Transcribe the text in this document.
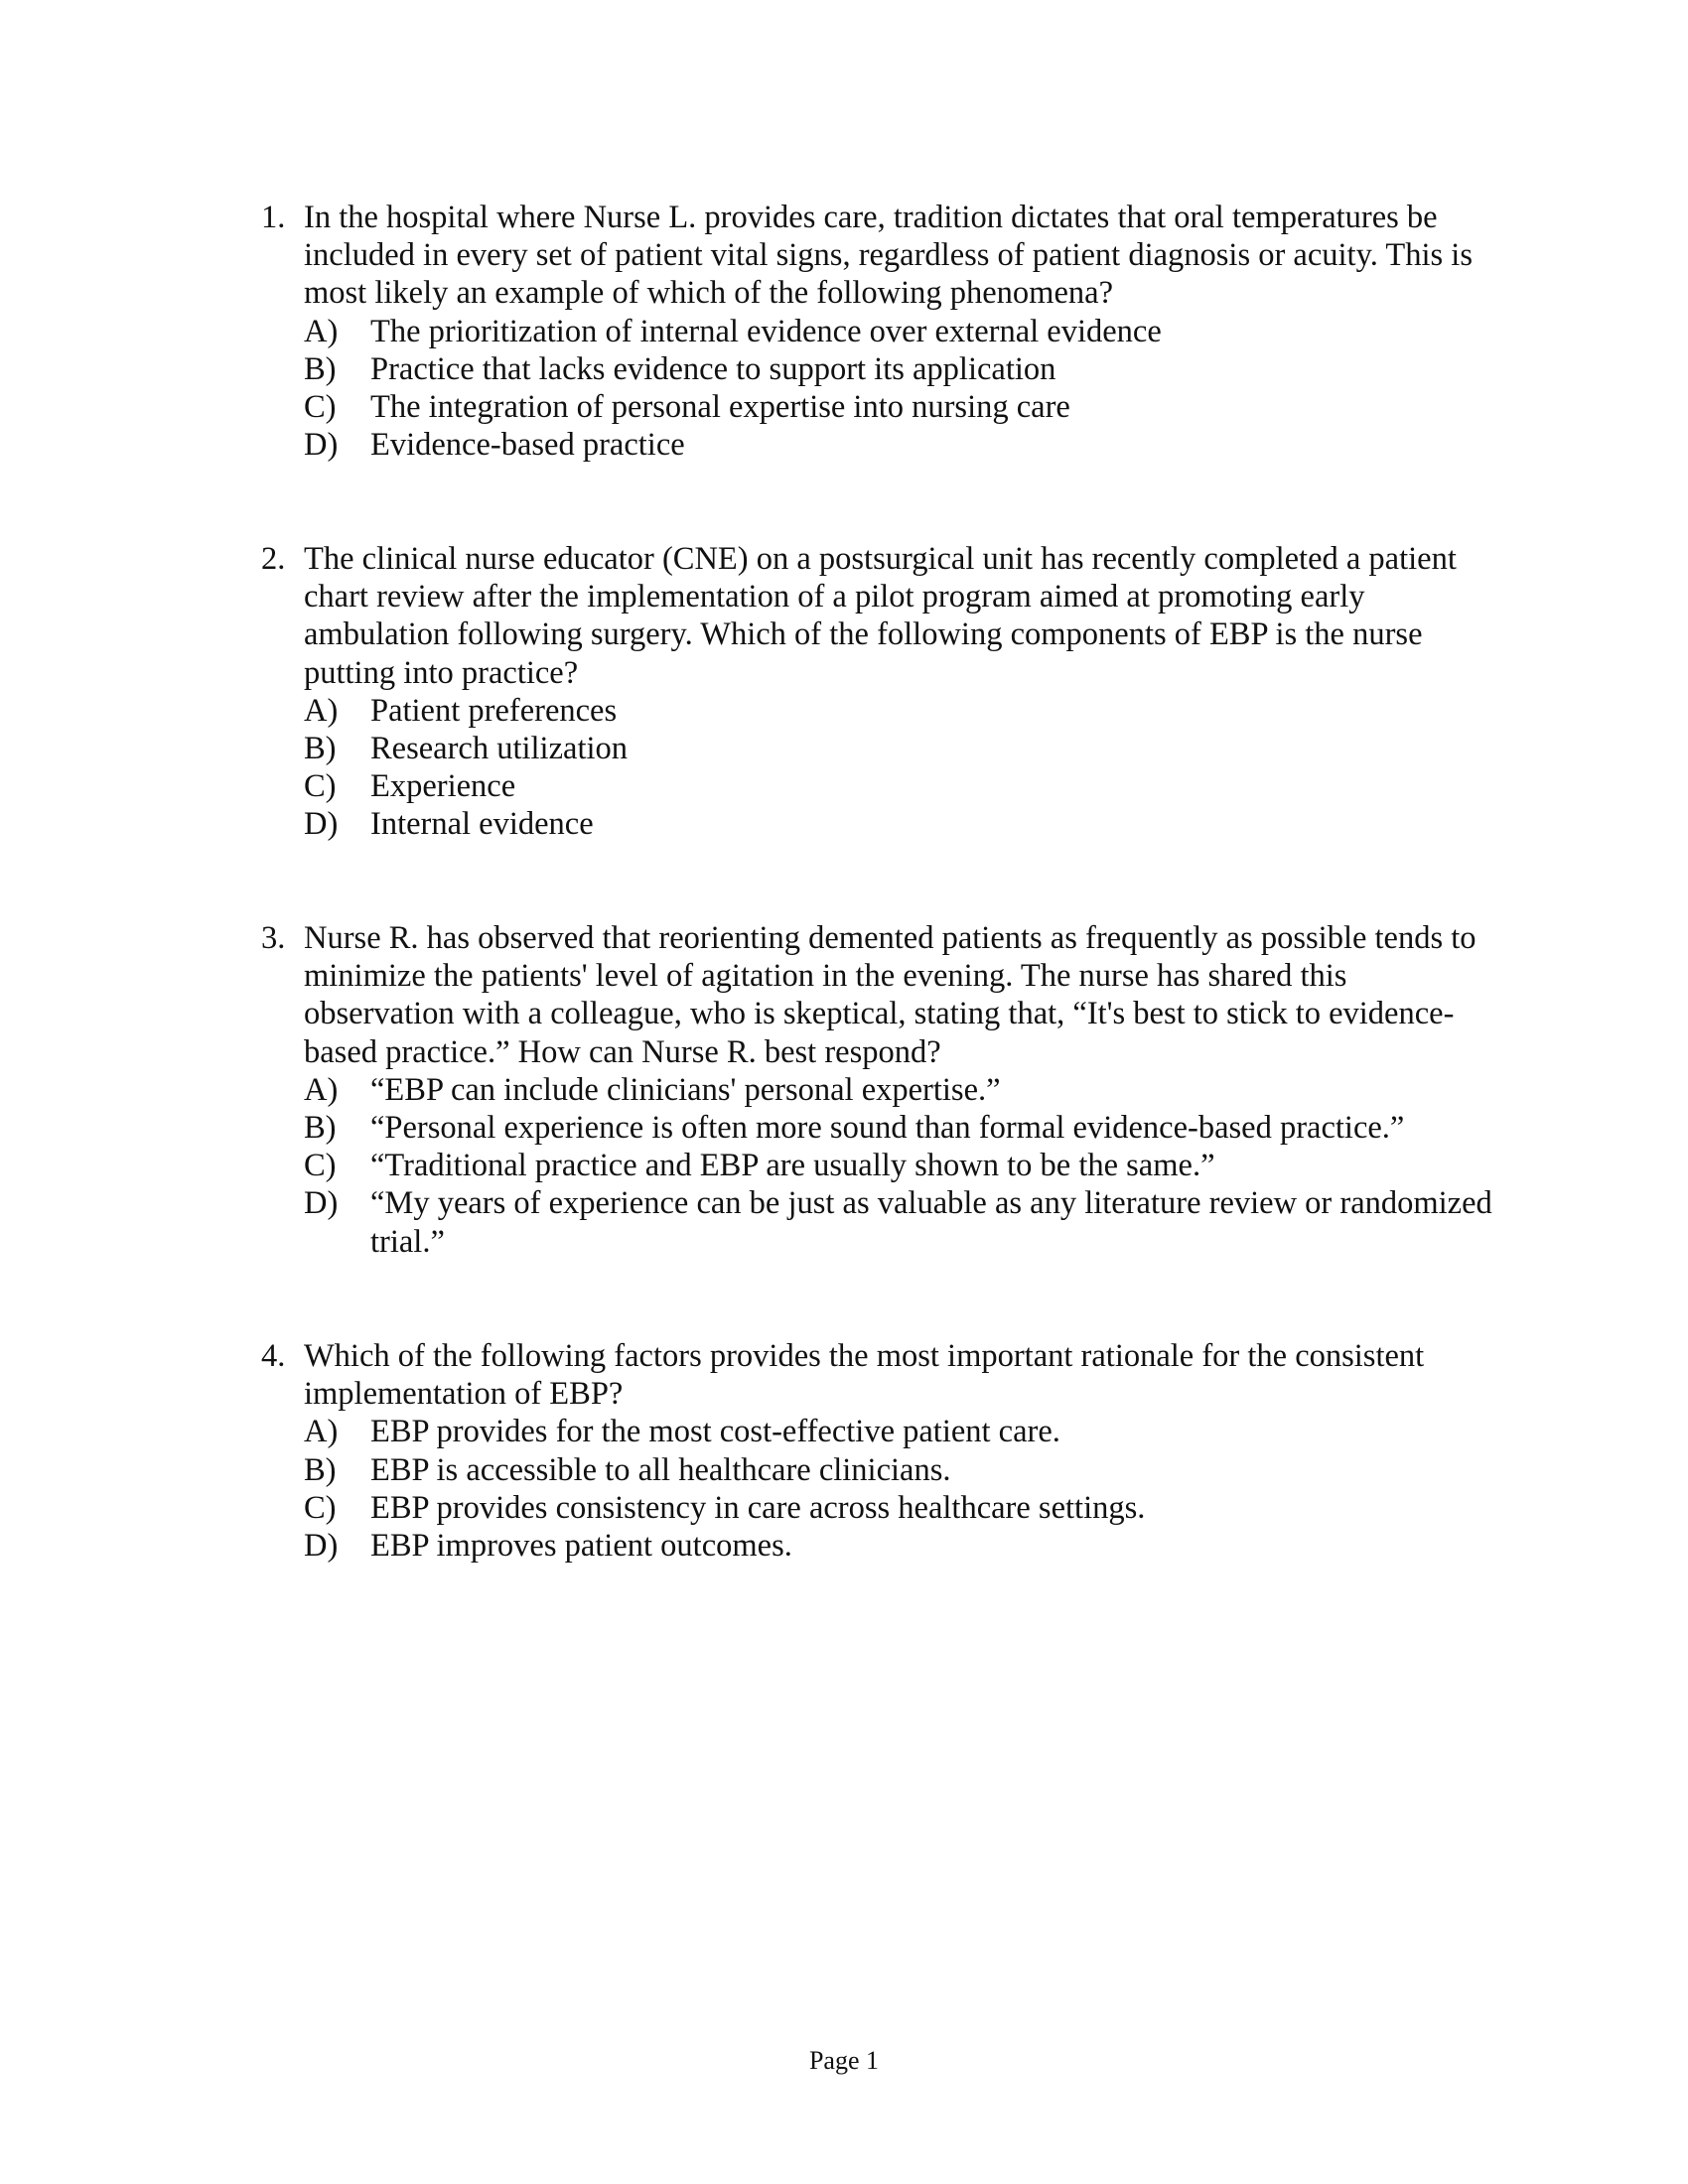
1. In the hospital where Nurse L. provides care, tradition dictates that oral temperatures be included in every set of patient vital signs, regardless of patient diagnosis or acuity. This is most likely an example of which of the following phenomena?
A)	The prioritization of internal evidence over external evidence
B)	Practice that lacks evidence to support its application
C)	The integration of personal expertise into nursing care
D)	Evidence-based practice
2. The clinical nurse educator (CNE) on a postsurgical unit has recently completed a patient chart review after the implementation of a pilot program aimed at promoting early ambulation following surgery. Which of the following components of EBP is the nurse putting into practice?
A)	Patient preferences
B)	Research utilization
C)	Experience
D)	Internal evidence
3. Nurse R. has observed that reorienting demented patients as frequently as possible tends to minimize the patients' level of agitation in the evening. The nurse has shared this observation with a colleague, who is skeptical, stating that, “It's best to stick to evidence-based practice.” How can Nurse R. best respond?
A)	“EBP can include clinicians' personal expertise.”
B)	“Personal experience is often more sound than formal evidence-based practice.”
C)	“Traditional practice and EBP are usually shown to be the same.”
D)	“My years of experience can be just as valuable as any literature review or randomized trial.”
4. Which of the following factors provides the most important rationale for the consistent implementation of EBP?
A)	EBP provides for the most cost-effective patient care.
B)	EBP is accessible to all healthcare clinicians.
C)	EBP provides consistency in care across healthcare settings.
D)	EBP improves patient outcomes.
Page 1
